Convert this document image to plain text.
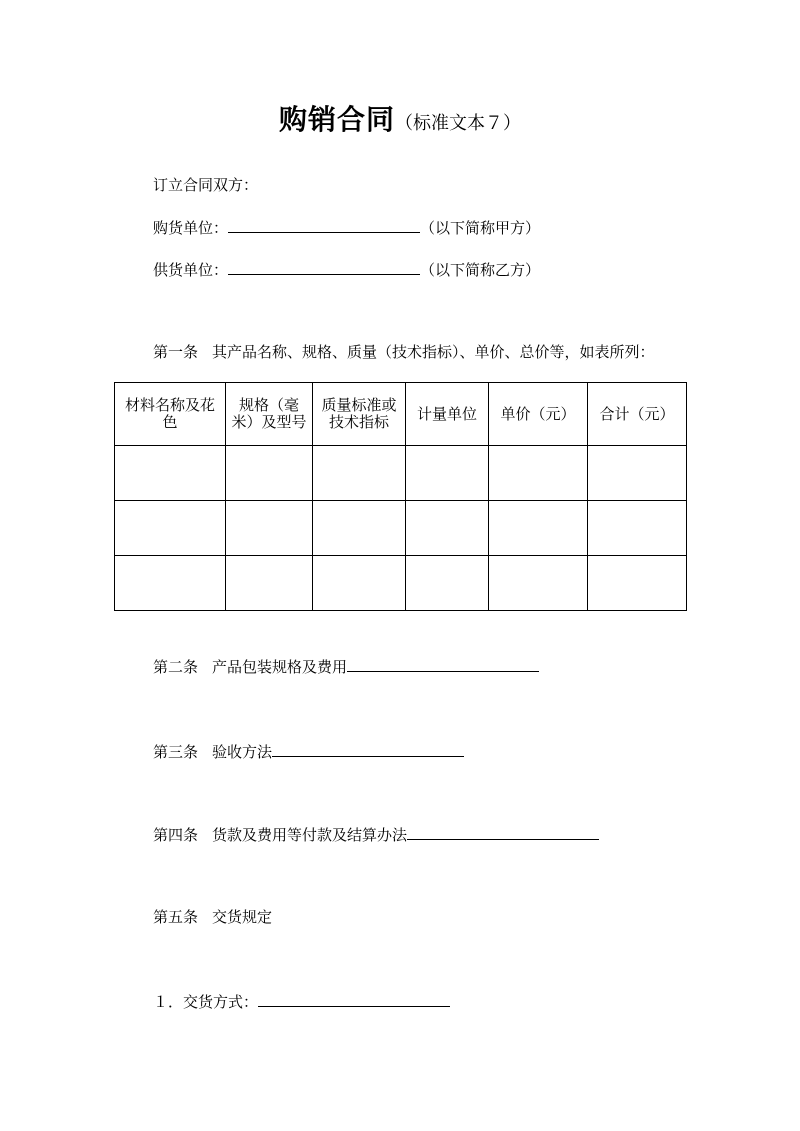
购销合同（标准文本７）
订立合同双方：
购货单位：	（以下简称甲方）
供货单位：	（以下简称乙方）
第一条 其产品名称、规格、质量（技术指标）、单价、总价等，如表所列：
材料名称及花色	规格（毫米）及型号	质量标准或技术指标	计量单位	单价（元）	合计（元）

第二条 产品包装规格及费用
第三条 验收方法
第四条 货款及费用等付款及结算办法
第五条 交货规定
１．交货方式：
